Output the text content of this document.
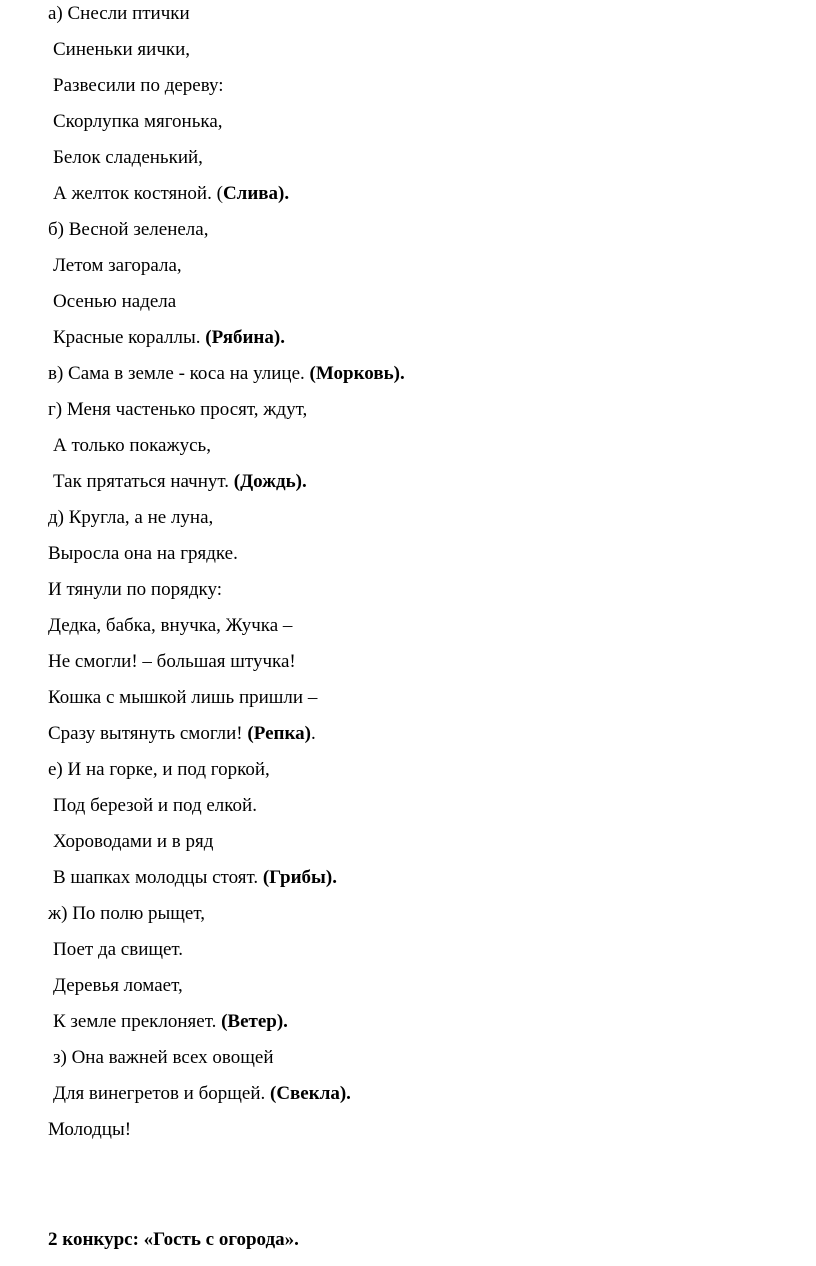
а) Снесли птички
Синеньки яички,
Развесили по дереву:
Скорлупка мягонька,
Белок сладенький,
А желток костяной. (Слива).
б) Весной зеленела,
Летом загорала,
Осенью надела
Красные кораллы. (Рябина).
в) Сама в земле - коса на улице. (Морковь).
г) Меня частенько просят, ждут,
А только покажусь,
Так прятаться начнут. (Дождь).
д) Кругла, а не луна,
Выросла она на грядке.
И тянули по порядку:
Дедка, бабка, внучка, Жучка –
Не смогли! – большая штучка!
Кошка с мышкой лишь пришли –
Сразу вытянуть смогли! (Репка).
е) И на горке, и под горкой,
Под березой и под елкой.
Хороводами и в ряд
В шапках молодцы стоят. (Грибы).
ж) По полю рыщет,
Поет да свищет.
Деревья ломает,
К земле преклоняет. (Ветер).
з) Она важней всех овощей
Для винегретов и борщей. (Свекла).
Молодцы!
2 конкурс: «Гость с огорода».
